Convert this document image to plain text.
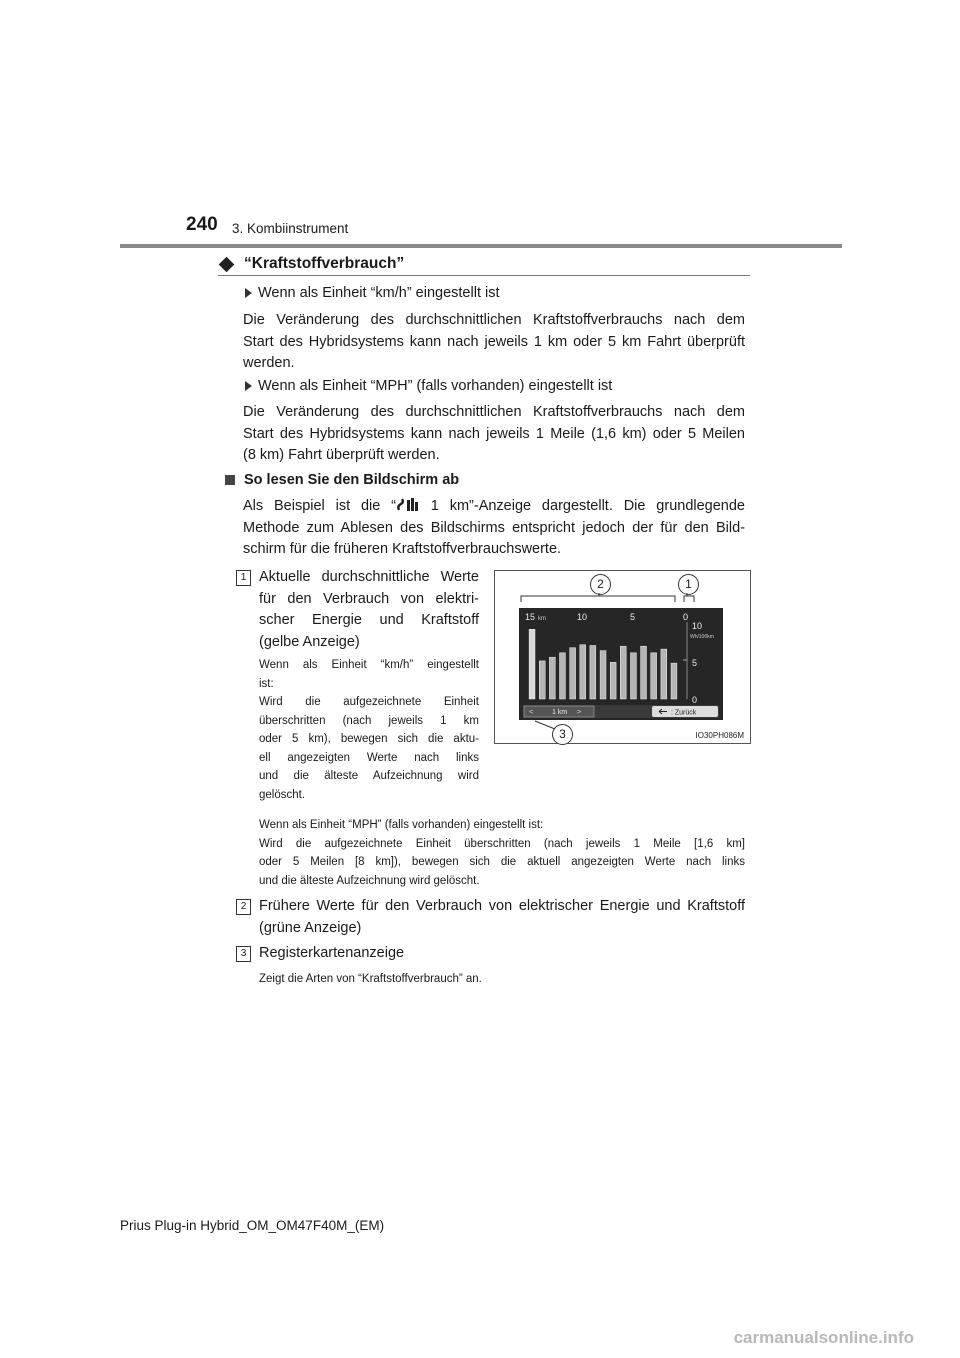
240 3. Kombiinstrument
“Kraftstoffverbrauch”
Wenn als Einheit “km/h” eingestellt ist
Die Veränderung des durchschnittlichen Kraftstoffverbrauchs nach dem
Start des Hybridsystems kann nach jeweils 1 km oder 5 km Fahrt überprüft
werden.
Wenn als Einheit “MPH” (falls vorhanden) eingestellt ist
Die Veränderung des durchschnittlichen Kraftstoffverbrauchs nach dem
Start des Hybridsystems kann nach jeweils 1 Meile (1,6 km) oder 5 Meilen
(8 km) Fahrt überprüft werden.
So lesen Sie den Bildschirm ab
Als Beispiel ist die “ 1 km”-Anzeige dargestellt. Die grundlegende
Methode zum Ablesen des Bildschirms entspricht jedoch der für den Bild-
schirm für die früheren Kraftstoffverbrauchswerte.
1 Aktuelle durchschnittliche Werte
für den Verbrauch von elektri-
scher Energie und Kraftstoff
(gelbe Anzeige)
Wenn als Einheit “km/h” eingestellt
ist:
Wird die aufgezeichnete Einheit
überschritten (nach jeweils 1 km
oder 5 km), bewegen sich die aktu-
ell angezeigten Werte nach links
und die älteste Aufzeichnung wird
gelöscht.
Wenn als Einheit “MPH” (falls vorhanden) eingestellt ist:
Wird die aufgezeichnete Einheit überschritten (nach jeweils 1 Meile [1,6 km]
oder 5 Meilen [8 km]), bewegen sich die aktuell angezeigten Werte nach links
und die älteste Aufzeichnung wird gelöscht.
2 Frühere Werte für den Verbrauch von elektrischer Energie und Kraftstoff
(grüne Anzeige)
3 Registerkartenanzeige
Zeigt die Arten von “Kraftstoffverbrauch” an.
2	1
3
15 km	10	5	0
10
Wh/100km
5
0
<	>
1 km	: Zurück
IO30PH086M
Prius Plug-in Hybrid_OM_OM47F40M_(EM)
carmanualsonline.info
